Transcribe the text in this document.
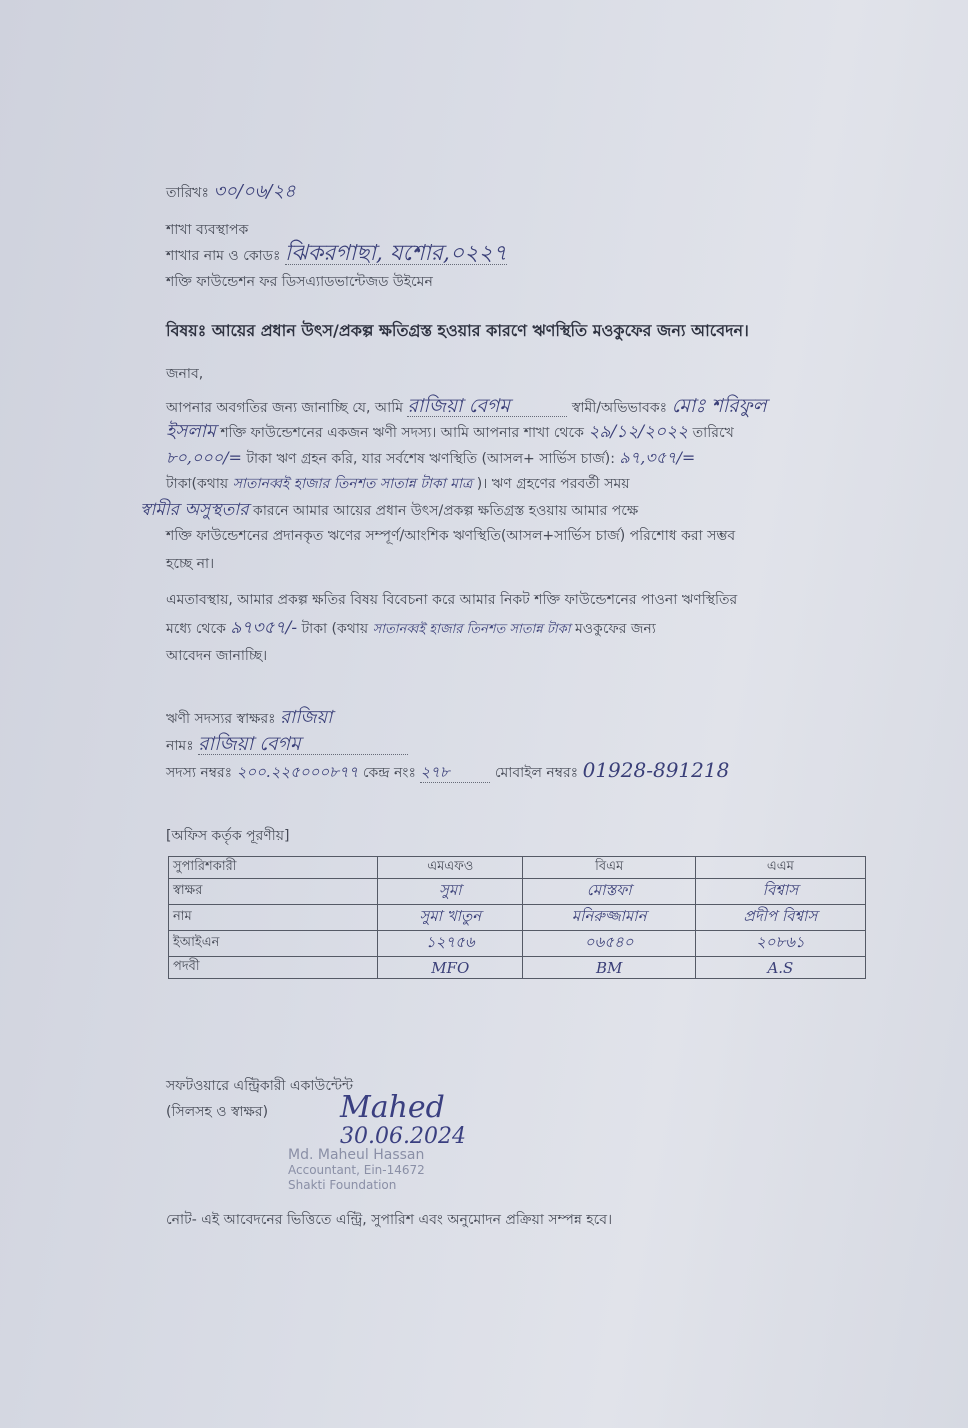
তারিখঃ ৩০/০৬/২৪
শাখা ব্যবস্থাপক
শাখার নাম ও কোডঃ ঝিকরগাছা, যশোর,০২২৭
শক্তি ফাউন্ডেশন ফর ডিসএ্যাডভান্টেজড উইমেন
বিষয়ঃ আয়ের প্রধান উৎস/প্রকল্প ক্ষতিগ্রস্ত হওয়ার কারণে ঋণস্থিতি মওকুফের জন্য আবেদন।
জনাব,
আপনার অবগতির জন্য জানাচ্ছি যে, আমি রাজিয়া বেগম	স্বামী/অভিভাবকঃ মোঃ শরিফুল
ইসলাম শক্তি ফাউন্ডেশনের একজন ঋণী সদস্য। আমি আপনার শাখা থেকে ২৯/১২/২০২২ তারিখে
৮০,০০০/= টাকা ঋণ গ্রহন করি, যার সর্বশেষ ঋণস্থিতি (আসল+ সার্ভিস চার্জ): ৯৭,৩৫৭/=
টাকা(কথায় সাতানব্বই হাজার তিনশত সাতান্ন টাকা মাত্র )। ঋণ গ্রহণের পরবর্তী সময়
স্বামীর অসুস্থতার কারনে আমার আয়ের প্রধান উৎস/প্রকল্প ক্ষতিগ্রস্ত হওয়ায় আমার পক্ষে
শক্তি ফাউন্ডেশনের প্রদানকৃত ঋণের সম্পূর্ণ/আংশিক ঋণস্থিতি(আসল+সার্ভিস চার্জ) পরিশোধ করা সম্ভব
হচ্ছে না।
এমতাবস্থায়, আমার প্রকল্প ক্ষতির বিষয় বিবেচনা করে আমার নিকট শক্তি ফাউন্ডেশনের পাওনা ঋণস্থিতির
মধ্যে থেকে ৯৭৩৫৭/- টাকা (কথায় সাতানব্বই হাজার তিনশত সাতান্ন টাকা মওকুফের জন্য
আবেদন জানাচ্ছি।
ঋণী সদস্যর স্বাক্ষরঃ রাজিয়া
নামঃ রাজিয়া বেগম
সদস্য নম্বরঃ ২০০.২২৫০০০৮৭৭ কেন্দ্র নংঃ ২৭৮	মোবাইল নম্বরঃ 01928-891218
[অফিস কর্তৃক পূরণীয়]
সুপারিশকারী	এমএফও	বিএম	এএম
স্বাক্ষর	সুমা	মোস্তফা	বিশ্বাস
নাম	সুমা খাতুন	মনিরুজ্জামান	প্রদীপ বিশ্বাস
ইআইএন	১২৭৫৬	০৬৫৪০	২০৮৬১
পদবী	MFO	BM	A.S
সফটওয়ারে এন্ট্রিকারী একাউন্টেন্ট
(সিলসহ ও স্বাক্ষর) Mahed
30.06.2024
Md. Maheul Hassan
Accountant, Ein-14672
Shakti Foundation
নোট- এই আবেদনের ভিত্তিতে এন্ট্রি, সুপারিশ এবং অনুমোদন প্রক্রিয়া সম্পন্ন হবে।
